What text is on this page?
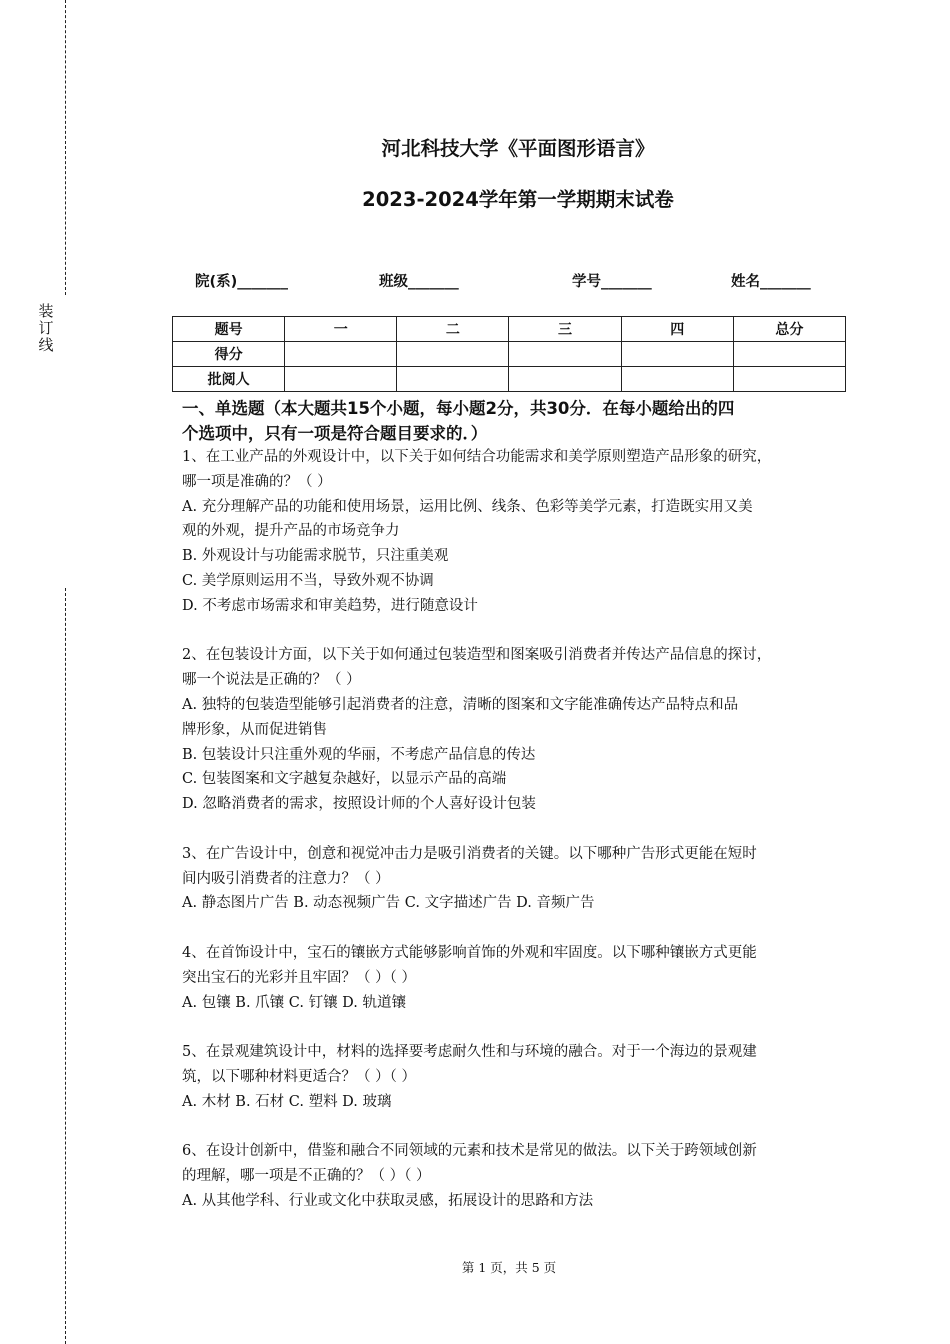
装
订
线
河北科技大学《平面图形语言》
2023-2024学年第一学期期末试卷
院(系)_______	班级_______	学号_______	姓名_______
题号	一	二	三	四	总分
得分					
批阅人					
一、单选题（本大题共15个小题，每小题2分，共30分．在每小题给出的四
个选项中，只有一项是符合题目要求的．）

1、在工业产品的外观设计中，以下关于如何结合功能需求和美学原则塑造产品形象的研究，

哪一项是准确的？（ ）

A. 充分理解产品的功能和使用场景，运用比例、线条、色彩等美学元素，打造既实用又美

观的外观，提升产品的市场竞争力

B. 外观设计与功能需求脱节，只注重美观

C. 美学原则运用不当，导致外观不协调

D. 不考虑市场需求和审美趋势，进行随意设计

2、在包装设计方面，以下关于如何通过包装造型和图案吸引消费者并传达产品信息的探讨，

哪一个说法是正确的？（ ）

A. 独特的包装造型能够引起消费者的注意，清晰的图案和文字能准确传达产品特点和品

牌形象，从而促进销售

B. 包装设计只注重外观的华丽，不考虑产品信息的传达

C. 包装图案和文字越复杂越好，以显示产品的高端

D. 忽略消费者的需求，按照设计师的个人喜好设计包装

3、在广告设计中，创意和视觉冲击力是吸引消费者的关键。以下哪种广告形式更能在短时

间内吸引消费者的注意力？（ ）

A. 静态图片广告 B. 动态视频广告 C. 文字描述广告 D. 音频广告

4、在首饰设计中，宝石的镶嵌方式能够影响首饰的外观和牢固度。以下哪种镶嵌方式更能

突出宝石的光彩并且牢固？（ ）（ ）

A. 包镶 B. 爪镶 C. 钉镶 D. 轨道镶

5、在景观建筑设计中，材料的选择要考虑耐久性和与环境的融合。对于一个海边的景观建

筑，以下哪种材料更适合？（ ）（ ）

A. 木材 B. 石材 C. 塑料 D. 玻璃

6、在设计创新中，借鉴和融合不同领域的元素和技术是常见的做法。以下关于跨领域创新

的理解，哪一项是不正确的？（ ）（ ）

A. 从其他学科、行业或文化中获取灵感，拓展设计的思路和方法

第 1 页，共 5 页
